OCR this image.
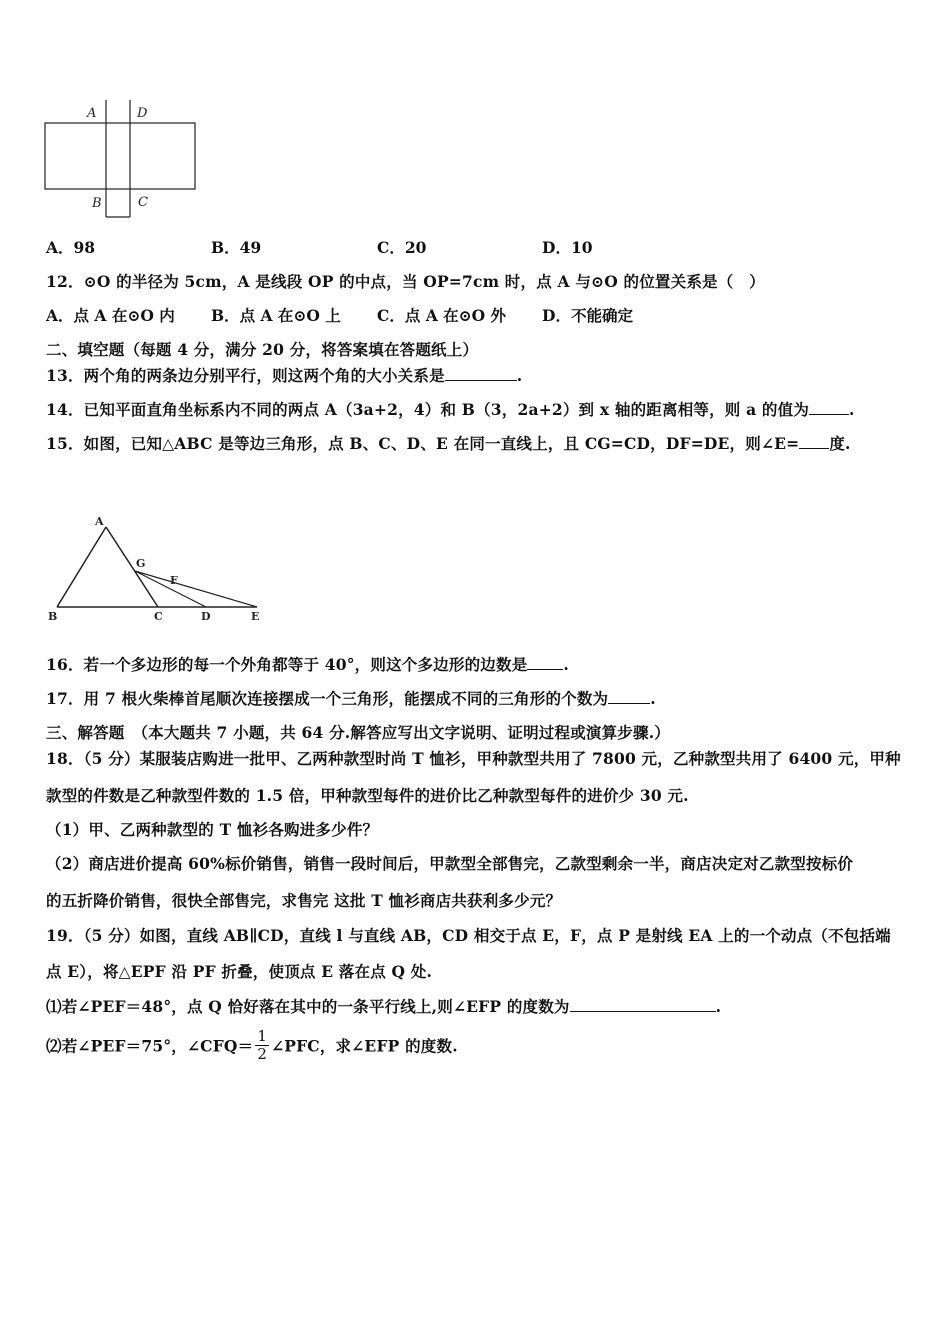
A	D
B	C
A．98	B．49	C．20	D．10
12．⊙O 的半径为 5cm，A 是线段 OP 的中点，当 OP=7cm 时，点 A 与⊙O 的位置关系是（　）
A．点 A 在⊙O 内 B．点 A 在⊙O 上 C．点 A 在⊙O 外 D．不能确定
二、填空题（每题 4 分，满分 20 分，将答案填在答题纸上）
13．两个角的两条边分别平行，则这两个角的大小关系是	.
14．已知平面直角坐标系内不同的两点 A（3a+2，4）和 B（3，2a+2）到 x 轴的距离相等，则 a 的值为	.
15．如图，已知△ABC 是等边三角形，点 B、C、D、E 在同一直线上，且 CG=CD，DF=DE，则∠E= 度.
A
G
F
B	C	D	E
16．若一个多边形的每一个外角都等于 40°，则这个多边形的边数是 .
17．用 7 根火柴棒首尾顺次连接摆成一个三角形，能摆成不同的三角形的个数为	.
三、解答题　（本大题共 7 小题，共 64 分.解答应写出文字说明、证明过程或演算步骤.）
18．（5 分）某服装店购进一批甲、乙两种款型时尚 T 恤衫，甲种款型共用了 7800 元，乙种款型共用了 6400 元，甲种
款型的件数是乙种款型件数的 1.5 倍，甲种款型每件的进价比乙种款型每件的进价少 30 元.
（1）甲、乙两种款型的 T 恤衫各购进多少件？
（2）商店进价提高 60%标价销售，销售一段时间后，甲款型全部售完，乙款型剩余一半，商店决定对乙款型按标价
的五折降价销售，很快全部售完，求售完 这批 T 恤衫商店共获利多少元？
19．（5 分）如图，直线 AB∥CD，直线 l 与直线 AB，CD 相交于点 E，F，点 P 是射线 EA 上的一个动点（不包括端
点 E），将△EPF 沿 PF 折叠，使顶点 E 落在点 Q 处.
⑴若∠PEF＝48°，点 Q 恰好落在其中的一条平行线上,则∠EFP 的度数为	.
⑵若∠PEF＝75°，∠CFQ＝ $\frac{1}{2}$ ∠PFC，求∠EFP 的度数.
